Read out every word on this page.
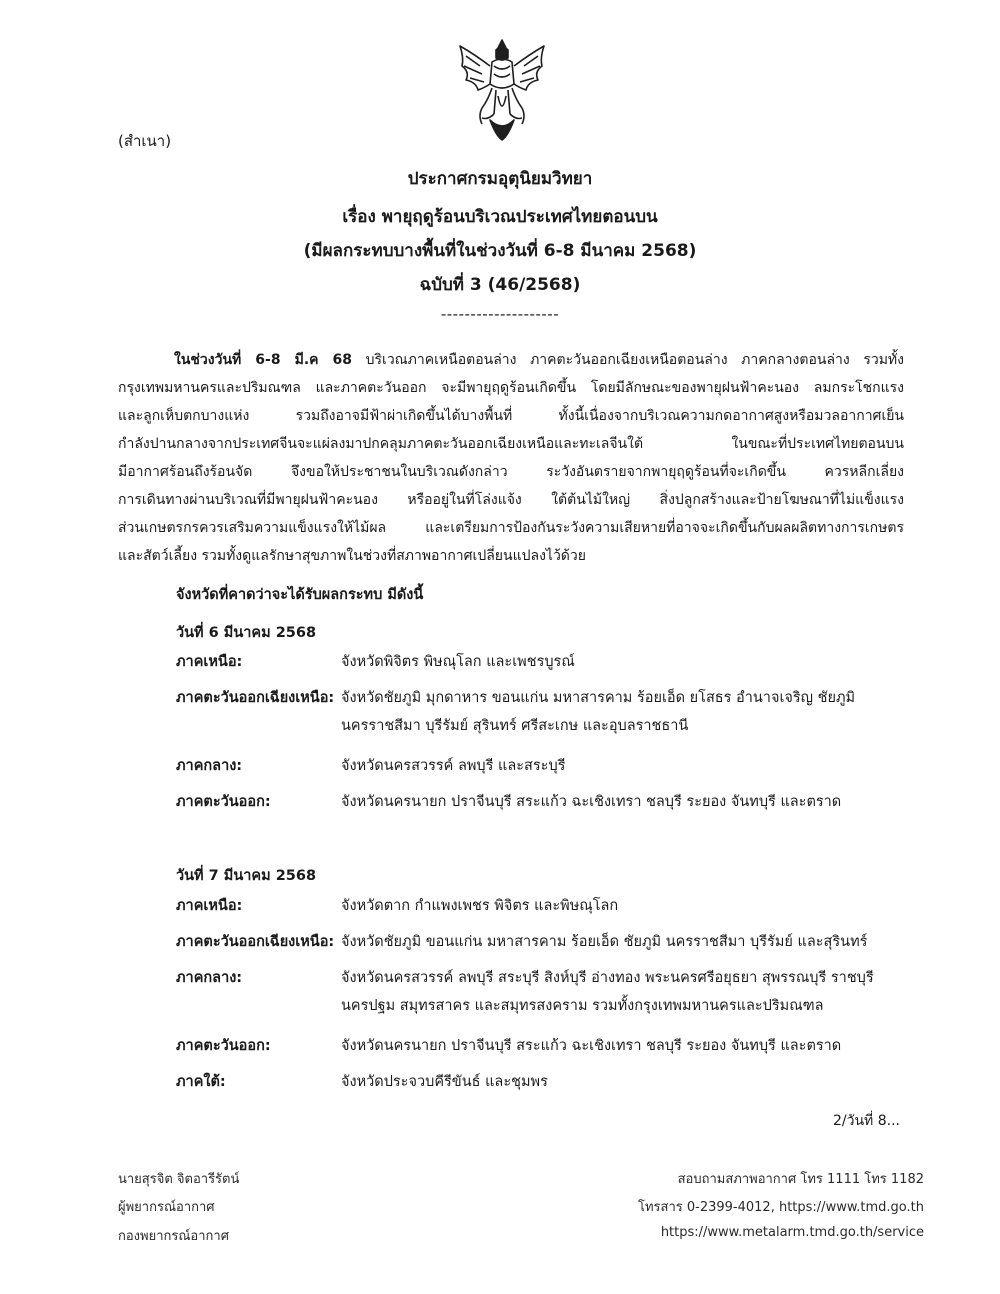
(สำเนา)
ประกาศกรมอุตุนิยมวิทยา
เรื่อง พายุฤดูร้อนบริเวณประเทศไทยตอนบน
(มีผลกระทบบางพื้นที่ในช่วงวันที่ 6-8 มีนาคม 2568)
ฉบับที่ 3 (46/2568)
--------------------
ในช่วงวันที่ 6-8 มี.ค 68 บริเวณภาคเหนือตอนล่าง ภาคตะวันออกเฉียงเหนือตอนล่าง ภาคกลางตอนล่าง รวมทั้ง
กรุงเทพมหานครและปริมณฑล และภาคตะวันออก จะมีพายุฤดูร้อนเกิดขึ้น โดยมีลักษณะของพายุฝนฟ้าคะนอง ลมกระโชกแรง
และลูกเห็บตกบางแห่ง รวมถึงอาจมีฟ้าผ่าเกิดขึ้นได้บางพื้นที่ ทั้งนี้เนื่องจากบริเวณความกดอากาศสูงหรือมวลอากาศเย็น
กำลังปานกลางจากประเทศจีนจะแผ่ลงมาปกคลุมภาคตะวันออกเฉียงเหนือและทะเลจีนใต้ ในขณะที่ประเทศไทยตอนบน
มีอากาศร้อนถึงร้อนจัด จึงขอให้ประชาชนในบริเวณดังกล่าว ระวังอันตรายจากพายุฤดูร้อนที่จะเกิดขึ้น ควรหลีกเลี่ยง
การเดินทางผ่านบริเวณที่มีพายุฝนฟ้าคะนอง หรืออยู่ในที่โล่งแจ้ง ใต้ต้นไม้ใหญ่ สิ่งปลูกสร้างและป้ายโฆษณาที่ไม่แข็งแรง
ส่วนเกษตรกรควรเสริมความแข็งแรงให้ไม้ผล และเตรียมการป้องกันระวังความเสียหายที่อาจจะเกิดขึ้นกับผลผลิตทางการเกษตร
และสัตว์เลี้ยง รวมทั้งดูแลรักษาสุขภาพในช่วงที่สภาพอากาศเปลี่ยนแปลงไว้ด้วย
จังหวัดที่คาดว่าจะได้รับผลกระทบ มีดังนี้
วันที่ 6 มีนาคม 2568
ภาคเหนือ:	จังหวัดพิจิตร พิษณุโลก และเพชรบูรณ์
ภาคตะวันออกเฉียงเหนือ: จังหวัดชัยภูมิ มุกดาหาร ขอนแก่น มหาสารคาม ร้อยเอ็ด ยโสธร อำนาจเจริญ ชัยภูมิ
นครราชสีมา บุรีรัมย์ สุรินทร์ ศรีสะเกษ และอุบลราชธานี
ภาคกลาง:	จังหวัดนครสวรรค์ ลพบุรี และสระบุรี
ภาคตะวันออก:	จังหวัดนครนายก ปราจีนบุรี สระแก้ว ฉะเชิงเทรา ชลบุรี ระยอง จันทบุรี และตราด
วันที่ 7 มีนาคม 2568
ภาคเหนือ:	จังหวัดตาก กำแพงเพชร พิจิตร และพิษณุโลก
ภาคตะวันออกเฉียงเหนือ: จังหวัดชัยภูมิ ขอนแก่น มหาสารคาม ร้อยเอ็ด ชัยภูมิ นครราชสีมา บุรีรัมย์ และสุรินทร์
ภาคกลาง:	จังหวัดนครสวรรค์ ลพบุรี สระบุรี สิงห์บุรี อ่างทอง พระนครศรีอยุธยา สุพรรณบุรี ราชบุรี
นครปฐม สมุทรสาคร และสมุทรสงคราม รวมทั้งกรุงเทพมหานครและปริมณฑล
ภาคตะวันออก:	จังหวัดนครนายก ปราจีนบุรี สระแก้ว ฉะเชิงเทรา ชลบุรี ระยอง จันทบุรี และตราด
ภาคใต้:	จังหวัดประจวบคีรีขันธ์ และชุมพร
2/วันที่ 8...
นายสุรจิต จิตอารีรัตน์
ผู้พยากรณ์อากาศ
กองพยากรณ์อากาศ
สอบถามสภาพอากาศ โทร 1111 โทร 1182
โทรสาร 0-2399-4012, https://www.tmd.go.th
https://www.metalarm.tmd.go.th/service
